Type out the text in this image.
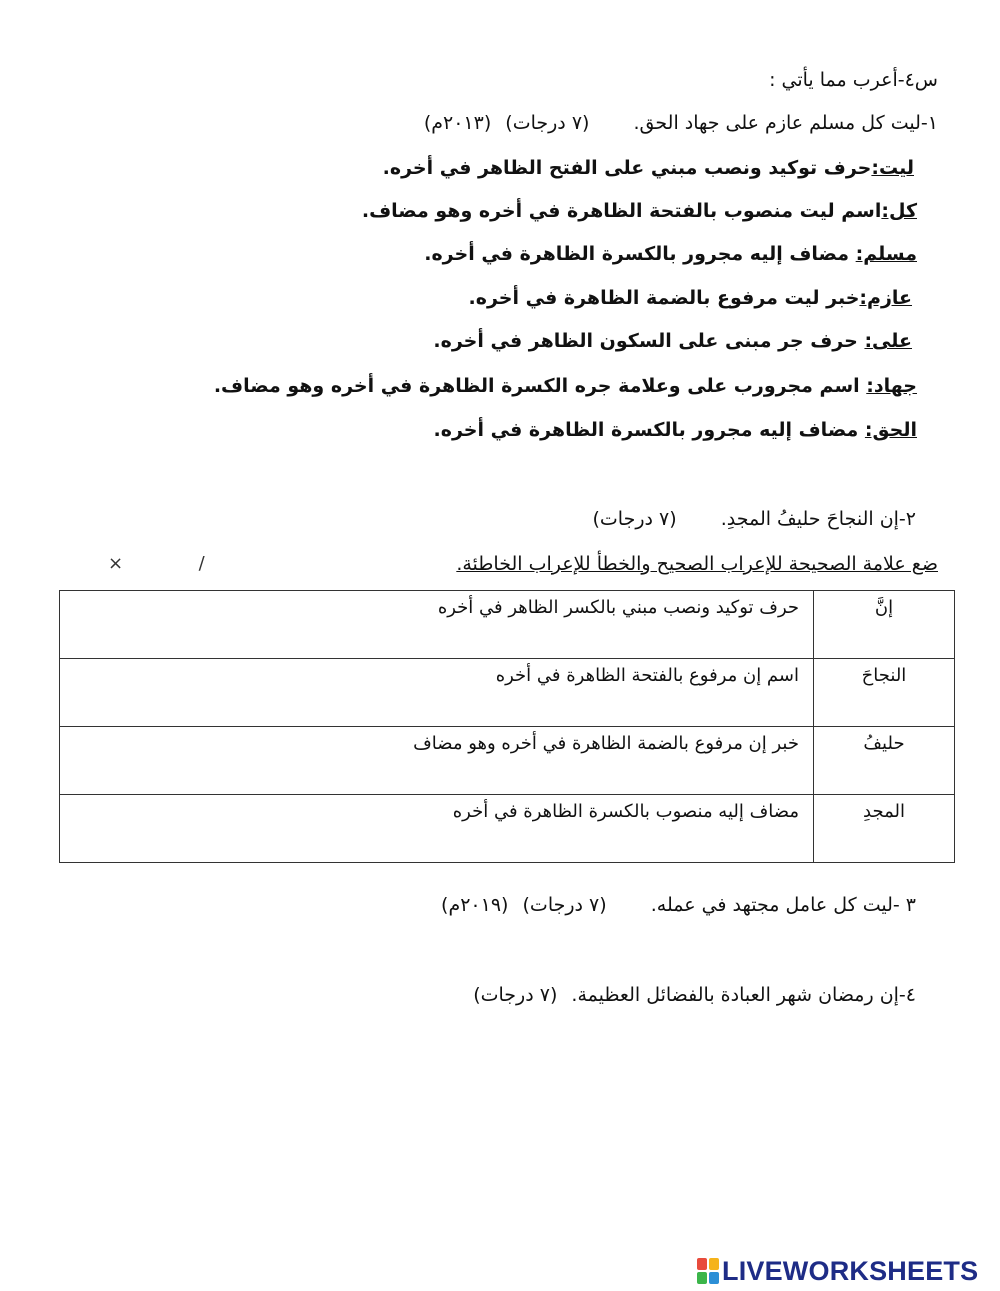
س٤-أعرب مما يأتي :
١-ليت كل مسلم عازم على جهاد الحق. (٧ درجات) (٢٠١٣م)
ليت:حرف توكيد ونصب مبني على الفتح الظاهر في أخره.
كل:اسم ليت منصوب بالفتحة الظاهرة في أخره وهو مضاف.
مسلم: مضاف إليه مجرور بالكسرة الظاهرة في أخره.
عازم:خبر ليت مرفوع بالضمة الظاهرة في أخره.
على: حرف جر مبنى على السكون الظاهر في أخره.
جهاد: اسم مجرورب على وعلامة جره الكسرة الظاهرة في أخره وهو مضاف.
الحق: مضاف إليه مجرور بالكسرة الظاهرة في أخره.
٢-إن النجاحَ حليفُ المجدِ. (٧ درجات)
ضع علامة الصحيحة للإعراب الصحيح والخطأ للإعراب الخاطئة.
×	/
إنَّ	حرف توكيد ونصب مبني بالكسر الظاهر في أخره
النجاحَ	اسم إن مرفوع بالفتحة الظاهرة في أخره
حليفُ	خبر إن مرفوع بالضمة الظاهرة في أخره وهو مضاف
المجدِ	مضاف إليه منصوب بالكسرة الظاهرة في أخره
٣ -ليت كل عامل مجتهد في عمله. (٧ درجات) (٢٠١٩م)
٤-إن رمضان شهر العبادة بالفضائل العظيمة. (٧ درجات)
LIVEWORKSHEETS
